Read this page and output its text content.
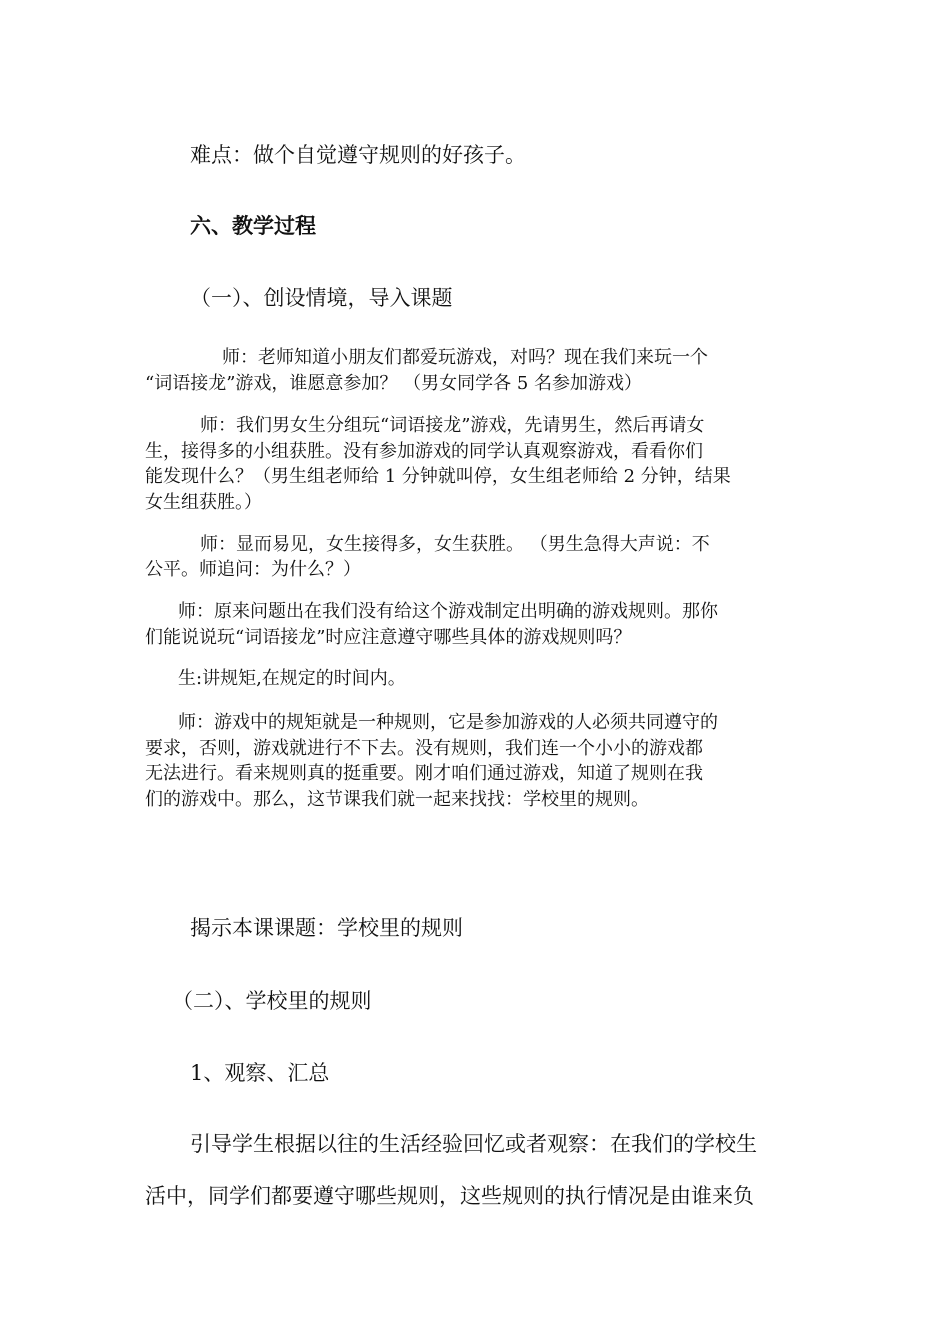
难点：做个自觉遵守规则的好孩子。

六、教学过程

（一）、创设情境，导入课题

师：老师知道小朋友们都爱玩游戏，对吗？现在我们来玩一个

“词语接龙”游戏，谁愿意参加？ （男女同学各 5 名参加游戏）

师：我们男女生分组玩“词语接龙”游戏，先请男生，然后再请女

生，接得多的小组获胜。没有参加游戏的同学认真观察游戏，看看你们

能发现什么？（男生组老师给 1 分钟就叫停，女生组老师给 2 分钟，结果

女生组获胜。）

师：显而易见，女生接得多，女生获胜。 （男生急得大声说：不

公平。师追问：为什么？）

师：原来问题出在我们没有给这个游戏制定出明确的游戏规则。那你

们能说说玩“词语接龙”时应注意遵守哪些具体的游戏规则吗？

生:讲规矩,在规定的时间内。

师：游戏中的规矩就是一种规则，它是参加游戏的人必须共同遵守的

要求，否则，游戏就进行不下去。没有规则，我们连一个小小的游戏都

无法进行。看来规则真的挺重要。刚才咱们通过游戏，知道了规则在我

们的游戏中。那么，这节课我们就一起来找找：学校里的规则。

揭示本课课题：学校里的规则

（二）、学校里的规则

1、观察、汇总

引导学生根据以往的生活经验回忆或者观察：在我们的学校生

活中，同学们都要遵守哪些规则，这些规则的执行情况是由谁来负
